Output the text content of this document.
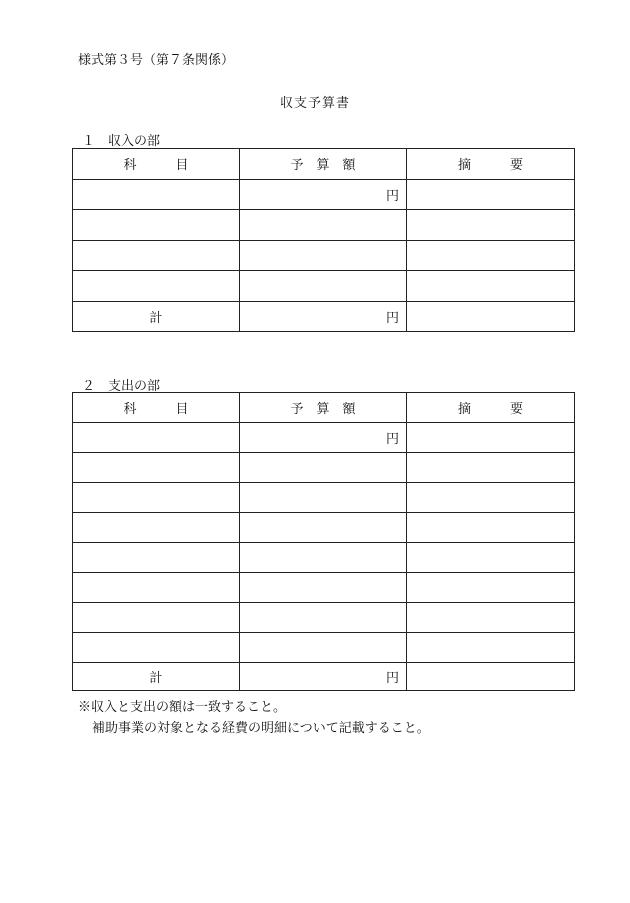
様式第３号（第７条関係）
収支予算書
１　収入の部
科　　　目	予　算　額	摘　　　要
	円	

計	円	
２　支出の部
科　　　目	予　算　額	摘　　　要
	円	

計	円	
※収入と支出の額は一致すること。
補助事業の対象となる経費の明細について記載すること。
